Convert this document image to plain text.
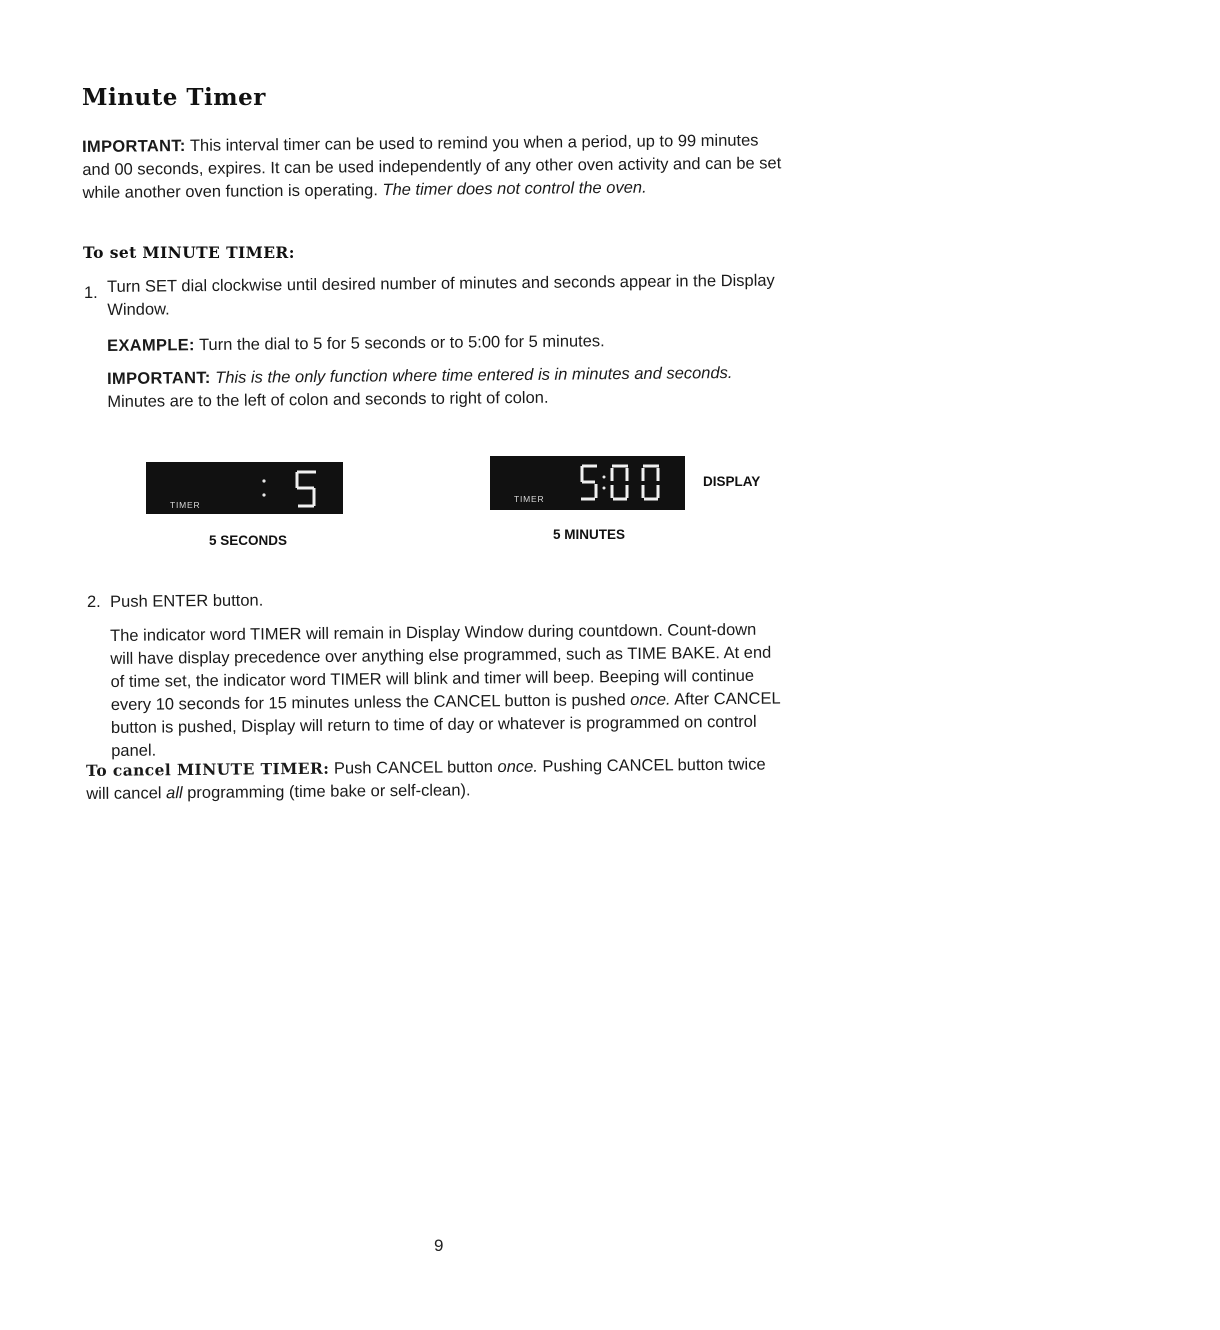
Minute Timer
IMPORTANT: This interval timer can be used to remind you when a period, up to 99 minutes and 00 seconds, expires. It can be used independently of any other oven activity and can be set while another oven function is operating. The timer does not control the oven.
To set MINUTE TIMER:
1. Turn SET dial clockwise until desired number of minutes and seconds appear in the Display Window.
EXAMPLE: Turn the dial to 5 for 5 seconds or to 5:00 for 5 minutes.
IMPORTANT: This is the only function where time entered is in minutes and seconds. Minutes are to the left of colon and seconds to right of colon.
TIMER
5 SECONDS
TIMER
DISPLAY
5 MINUTES
2. Push ENTER button.
The indicator word TIMER will remain in Display Window during countdown. Count-down will have display precedence over anything else programmed, such as TIME BAKE. At end of time set, the indicator word TIMER will blink and timer will beep. Beeping will continue every 10 seconds for 15 minutes unless the CANCEL button is pushed once. After CANCEL button is pushed, Display will return to time of day or whatever is programmed on control panel.
To cancel MINUTE TIMER: Push CANCEL button once. Pushing CANCEL button twice will cancel all programming (time bake or self-clean).
9
